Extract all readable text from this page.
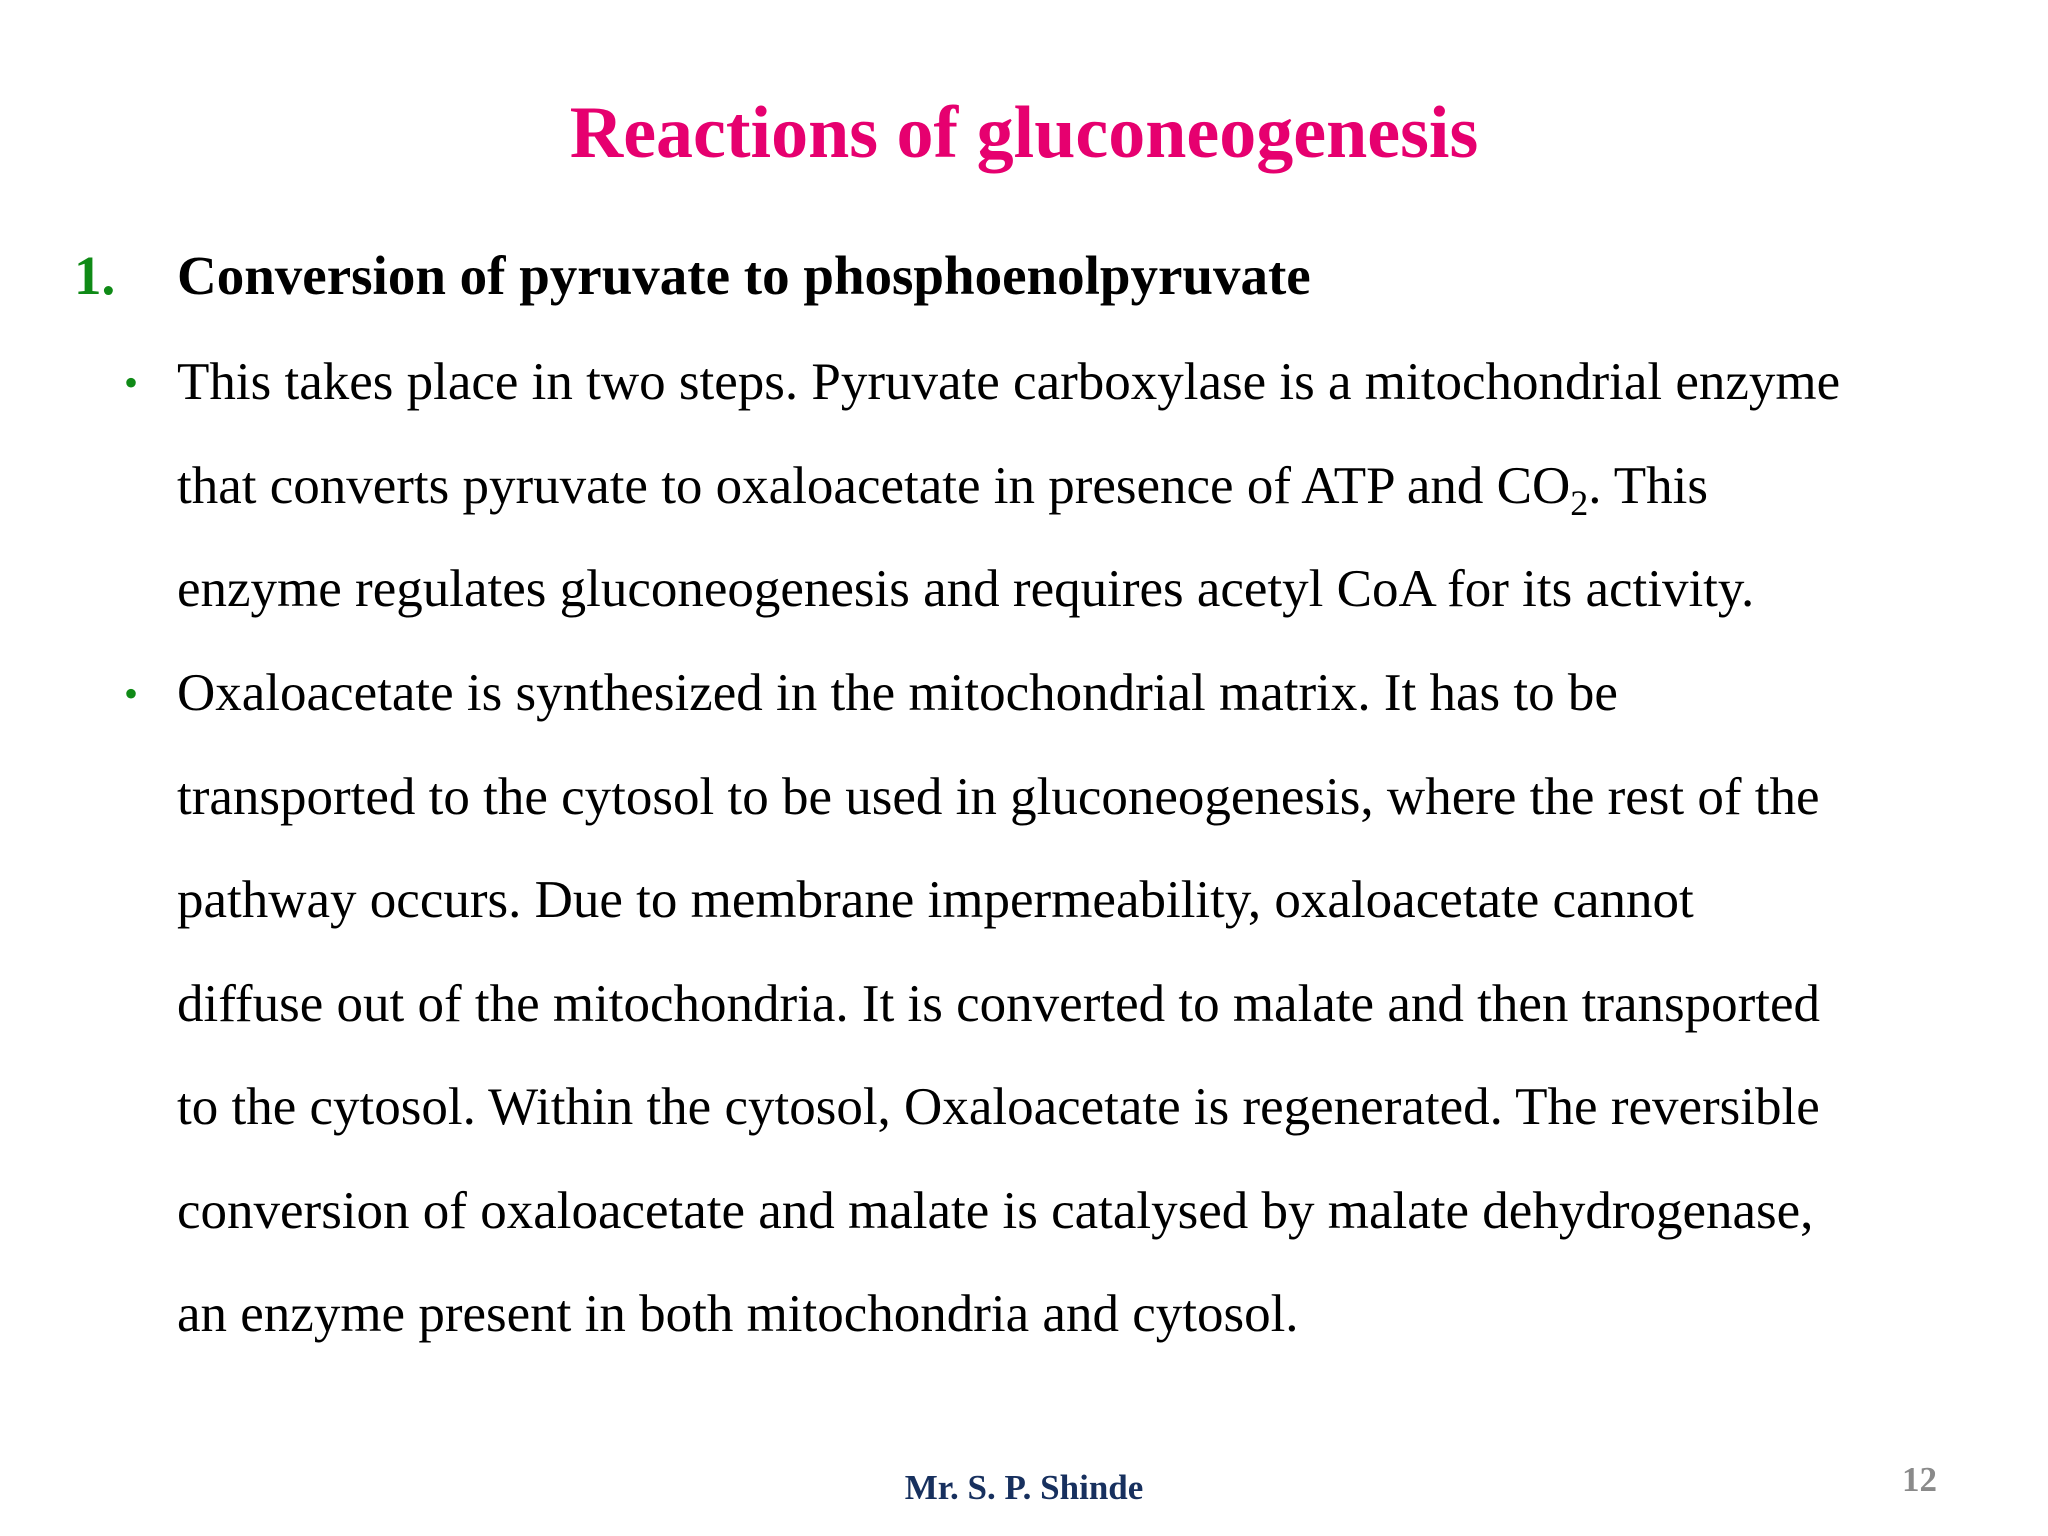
Reactions of gluconeogenesis
1. Conversion of pyruvate to phosphoenolpyruvate
• This takes place in two steps. Pyruvate carboxylase is a mitochondrial enzyme
that converts pyruvate to oxaloacetate in presence of ATP and $CO_2$. This
enzyme regulates gluconeogenesis and requires acetyl CoA for its activity.
• Oxaloacetate is synthesized in the mitochondrial matrix. It has to be
transported to the cytosol to be used in gluconeogenesis, where the rest of the
pathway occurs. Due to membrane impermeability, oxaloacetate cannot
diffuse out of the mitochondria. It is converted to malate and then transported
to the cytosol. Within the cytosol, Oxaloacetate is regenerated. The reversible
conversion of oxaloacetate and malate is catalysed by malate dehydrogenase,
an enzyme present in both mitochondria and cytosol.
Mr. S. P. Shinde	12
